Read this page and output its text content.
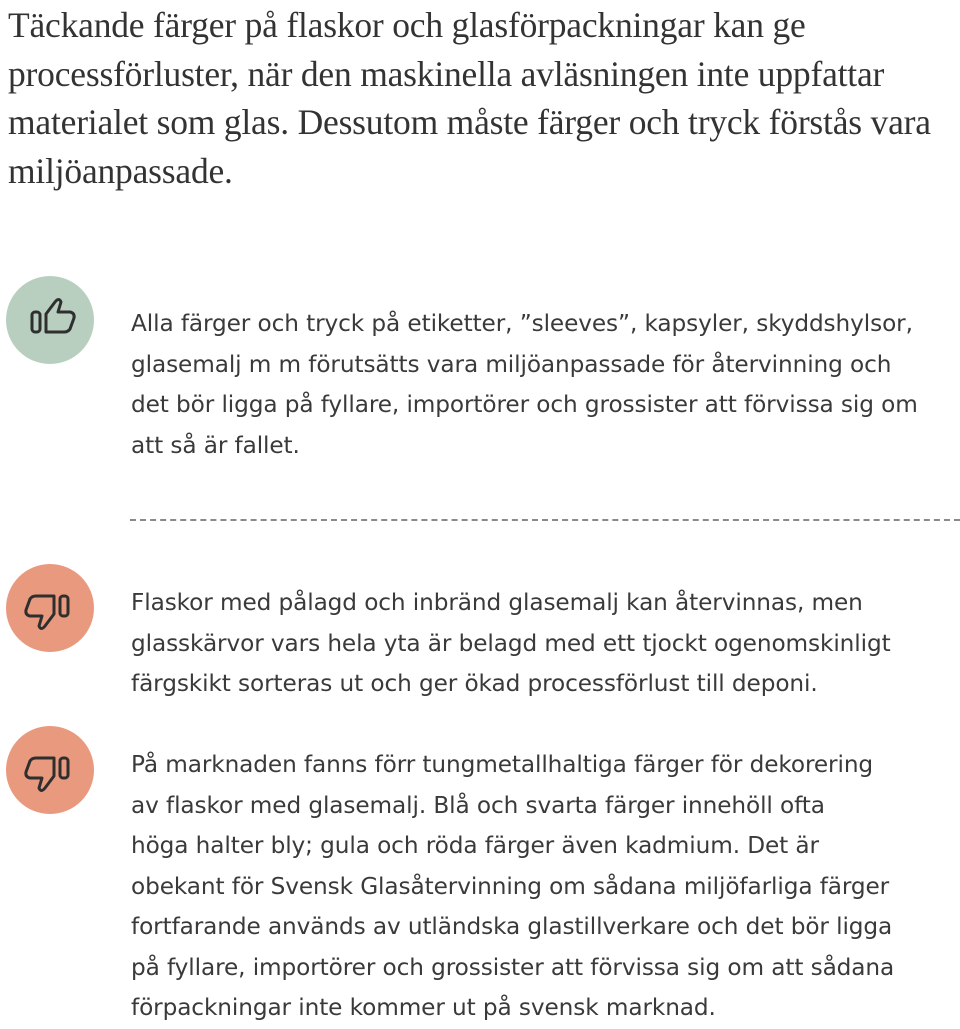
Täckande färger på flaskor och glasförpackningar kan ge
processförluster, när den maskinella avläsningen inte uppfattar
materialet som glas. Dessutom måste färger och tryck förstås vara
miljöanpassade.

Alla färger och tryck på etiketter, ”sleeves”, kapsyler, skyddshylsor,
glasemalj m m förutsätts vara miljöanpassade för återvinning och
det bör ligga på fyllare, importörer och grossister att förvissa sig om
att så är fallet.

Flaskor med pålagd och inbränd glasemalj kan återvinnas, men
glasskärvor vars hela yta är belagd med ett tjockt ogenomskinligt
färgskikt sorteras ut och ger ökad processförlust till deponi.

På marknaden fanns förr tungmetallhaltiga färger för dekorering
av flaskor med glasemalj. Blå och svarta färger innehöll ofta
höga halter bly; gula och röda färger även kadmium. Det är
obekant för Svensk Glasåtervinning om sådana miljöfarliga färger
fortfarande används av utländska glastillverkare och det bör ligga
på fyllare, importörer och grossister att förvissa sig om att sådana
förpackningar inte kommer ut på svensk marknad.
